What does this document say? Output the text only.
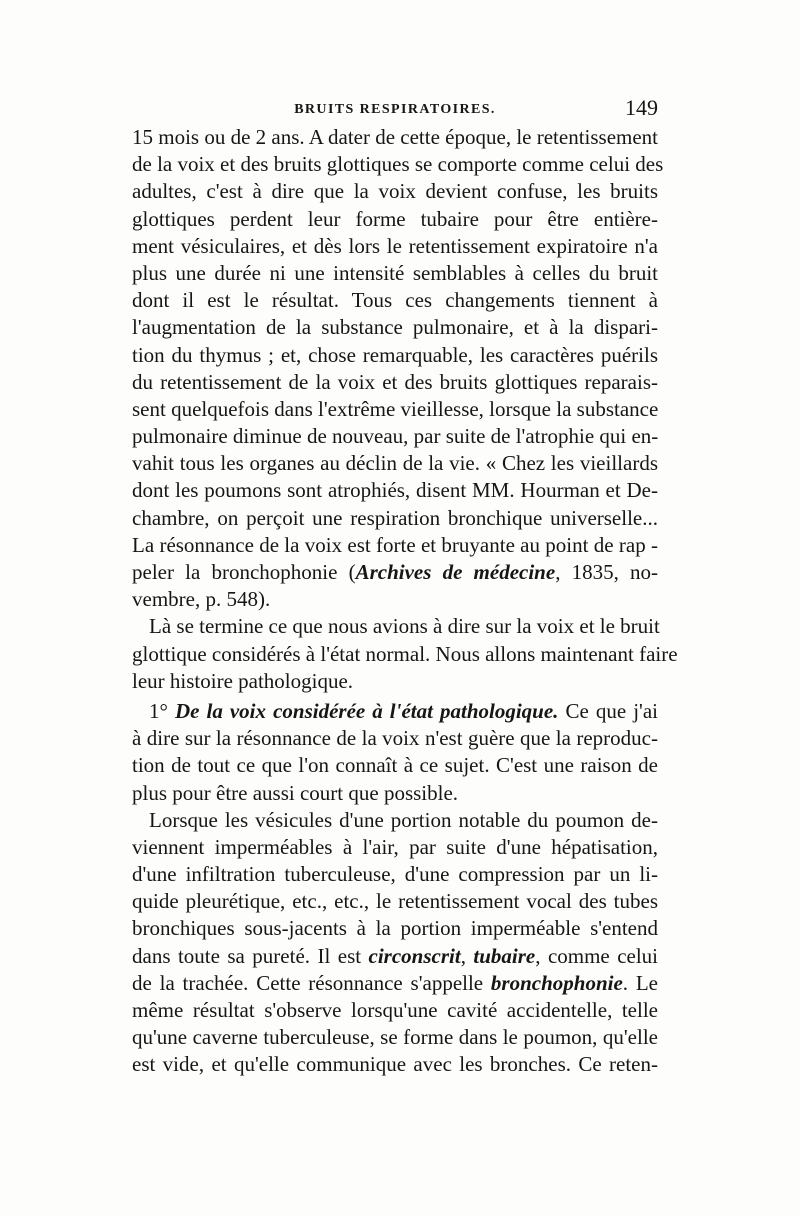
BRUITS RESPIRATOIRES.	149
15 mois ou de 2 ans. A dater de cette époque, le retentissement
de la voix et des bruits glottiques se comporte comme celui des
adultes, c'est à dire que la voix devient confuse, les bruits
glottiques perdent leur forme tubaire pour être entière-
ment vésiculaires, et dès lors le retentissement expiratoire n'a
plus une durée ni une intensité semblables à celles du bruit
dont il est le résultat. Tous ces changements tiennent à
l'augmentation de la substance pulmonaire, et à la dispari-
tion du thymus ; et, chose remarquable, les caractères puérils
du retentissement de la voix et des bruits glottiques reparais-
sent quelquefois dans l'extrême vieillesse, lorsque la substance
pulmonaire diminue de nouveau, par suite de l'atrophie qui en-
vahit tous les organes au déclin de la vie. « Chez les vieillards
dont les poumons sont atrophiés, disent MM. Hourman et De-
chambre, on perçoit une respiration bronchique universelle...
La résonnance de la voix est forte et bruyante au point de rap -
peler la bronchophonie (Archives de médecine, 1835, no-
vembre, p. 548).
Là se termine ce que nous avions à dire sur la voix et le bruit
glottique considérés à l'état normal. Nous allons maintenant faire
leur histoire pathologique.
1° De la voix considérée à l'état pathologique. Ce que j'ai
à dire sur la résonnance de la voix n'est guère que la reproduc-
tion de tout ce que l'on connaît à ce sujet. C'est une raison de
plus pour être aussi court que possible.
Lorsque les vésicules d'une portion notable du poumon de-
viennent imperméables à l'air, par suite d'une hépatisation,
d'une infiltration tuberculeuse, d'une compression par un li-
quide pleurétique, etc., etc., le retentissement vocal des tubes
bronchiques sous-jacents à la portion imperméable s'entend
dans toute sa pureté. Il est circonscrit, tubaire, comme celui
de la trachée. Cette résonnance s'appelle bronchophonie. Le
même résultat s'observe lorsqu'une cavité accidentelle, telle
qu'une caverne tuberculeuse, se forme dans le poumon, qu'elle
est vide, et qu'elle communique avec les bronches. Ce reten-
